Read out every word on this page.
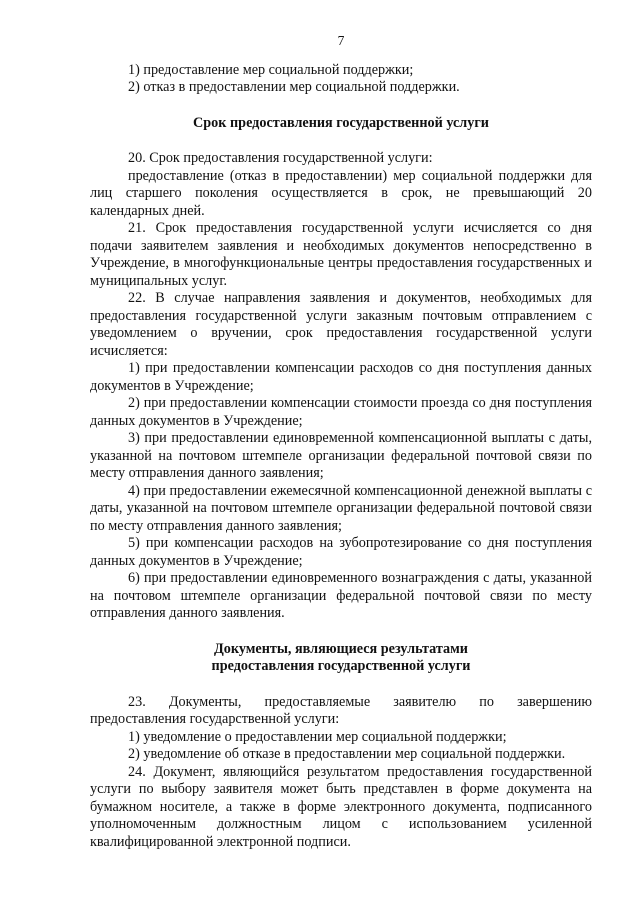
7

1) предоставление мер социальной поддержки;

2) отказ в предоставлении мер социальной поддержки.

Срок предоставления государственной услуги

20. Срок предоставления государственной услуги:

предоставление (отказ в предоставлении) мер социальной поддержки для лиц старшего поколения осуществляется в срок, не превышающий 20 календарных дней.

21. Срок предоставления государственной услуги исчисляется со дня подачи заявителем заявления и необходимых документов непосредственно в Учреждение, в многофункциональные центры предоставления государственных и муниципальных услуг.

22. В случае направления заявления и документов, необходимых для предоставления государственной услуги заказным почтовым отправлением с уведомлением о вручении, срок предоставления государственной услуги исчисляется:

1) при предоставлении компенсации расходов со дня поступления данных документов в Учреждение;

2) при предоставлении компенсации стоимости проезда со дня поступления данных документов в Учреждение;

3) при предоставлении единовременной компенсационной выплаты с даты, указанной на почтовом штемпеле организации федеральной почтовой связи по месту отправления данного заявления;

4) при предоставлении ежемесячной компенсационной денежной выплаты с даты, указанной на почтовом штемпеле организации федеральной почтовой связи по месту отправления данного заявления;

5) при компенсации расходов на зубопротезирование со дня поступления данных документов в Учреждение;

6) при предоставлении единовременного вознаграждения с даты, указанной на почтовом штемпеле организации федеральной почтовой связи по месту отправления данного заявления.

Документы, являющиеся результатами

предоставления государственной услуги

23. Документы, предоставляемые заявителю по завершению предоставления государственной услуги:

1) уведомление о предоставлении мер социальной поддержки;

2) уведомление об отказе в предоставлении мер социальной поддержки.

24. Документ, являющийся результатом предоставления государственной услуги по выбору заявителя может быть представлен в форме документа на бумажном носителе, а также в форме электронного документа, подписанного уполномоченным должностным лицом с использованием усиленной квалифицированной электронной подписи.
